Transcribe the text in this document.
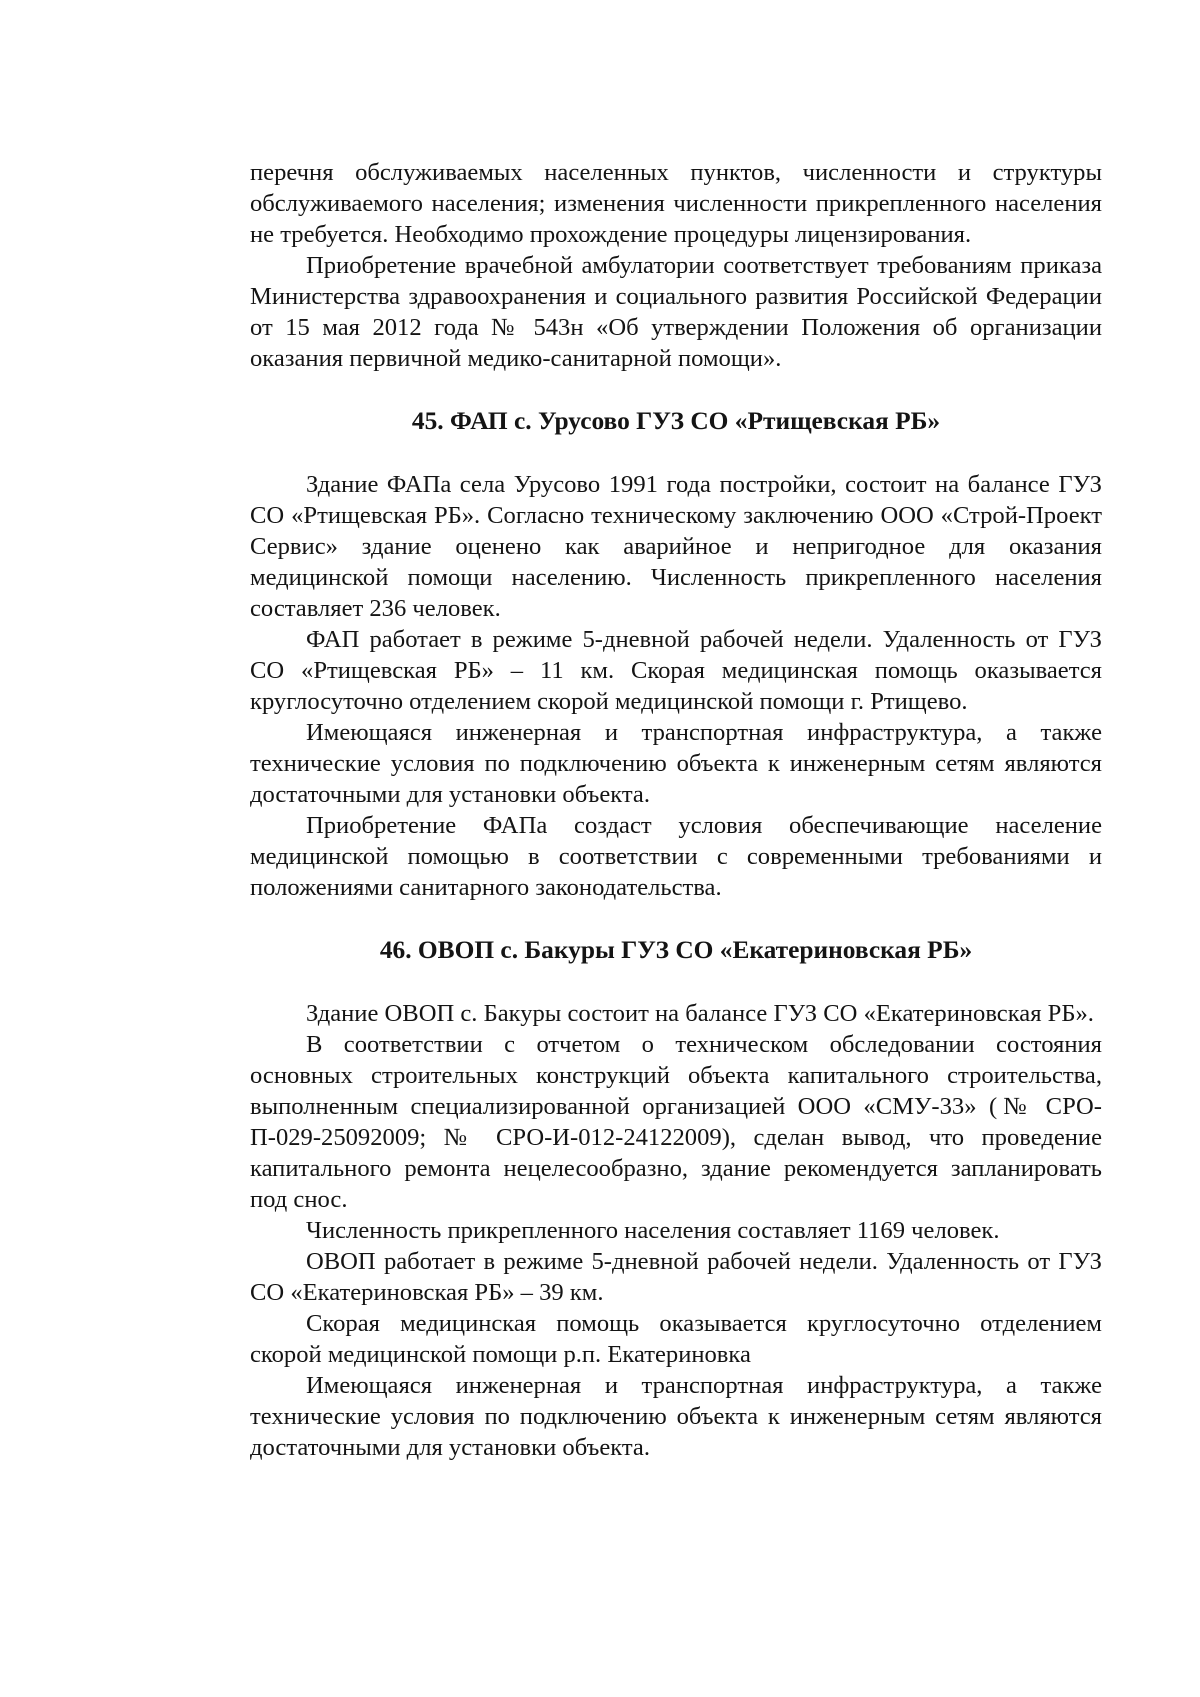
перечня обслуживаемых населенных пунктов, численности и структуры обслуживаемого населения; изменения численности прикрепленного населения не требуется. Необходимо прохождение процедуры лицензирования.

Приобретение врачебной амбулатории соответствует требованиям приказа Министерства здравоохранения и социального развития Российской Федерации от 15 мая 2012 года № 543н «Об утверждении Положения об организации оказания первичной медико-санитарной помощи».

45. ФАП с. Урусово ГУЗ СО «Ртищевская РБ»

Здание ФАПа села Урусово 1991 года постройки, состоит на балансе ГУЗ СО «Ртищевская РБ». Согласно техническому заключению ООО «Строй-Проект Сервис» здание оценено как аварийное и непригодное для оказания медицинской помощи населению. Численность прикрепленного населения составляет 236 человек.

ФАП работает в режиме 5-дневной рабочей недели. Удаленность от ГУЗ СО «Ртищевская РБ» – 11 км. Скорая медицинская помощь оказывается круглосуточно отделением скорой медицинской помощи г. Ртищево.

Имеющаяся инженерная и транспортная инфраструктура, а также технические условия по подключению объекта к инженерным сетям являются достаточными для установки объекта.

Приобретение ФАПа создаст условия обеспечивающие население медицинской помощью в соответствии с современными требованиями и положениями санитарного законодательства.

46. ОВОП с. Бакуры ГУЗ СО «Екатериновская РБ»

Здание ОВОП с. Бакуры состоит на балансе ГУЗ СО «Екатериновская РБ».

В соответствии с отчетом о техническом обследовании состояния основных строительных конструкций объекта капитального строительства, выполненным специализированной организацией ООО «СМУ-33» (№ СРО-П-029-25092009; № СРО-И-012-24122009), сделан вывод, что проведение капитального ремонта нецелесообразно, здание рекомендуется запланировать под снос.

Численность прикрепленного населения составляет 1169 человек.

ОВОП работает в режиме 5-дневной рабочей недели. Удаленность от ГУЗ СО «Екатериновская РБ» – 39 км.

Скорая медицинская помощь оказывается круглосуточно отделением скорой медицинской помощи р.п. Екатериновка

Имеющаяся инженерная и транспортная инфраструктура, а также технические условия по подключению объекта к инженерным сетям являются достаточными для установки объекта.
